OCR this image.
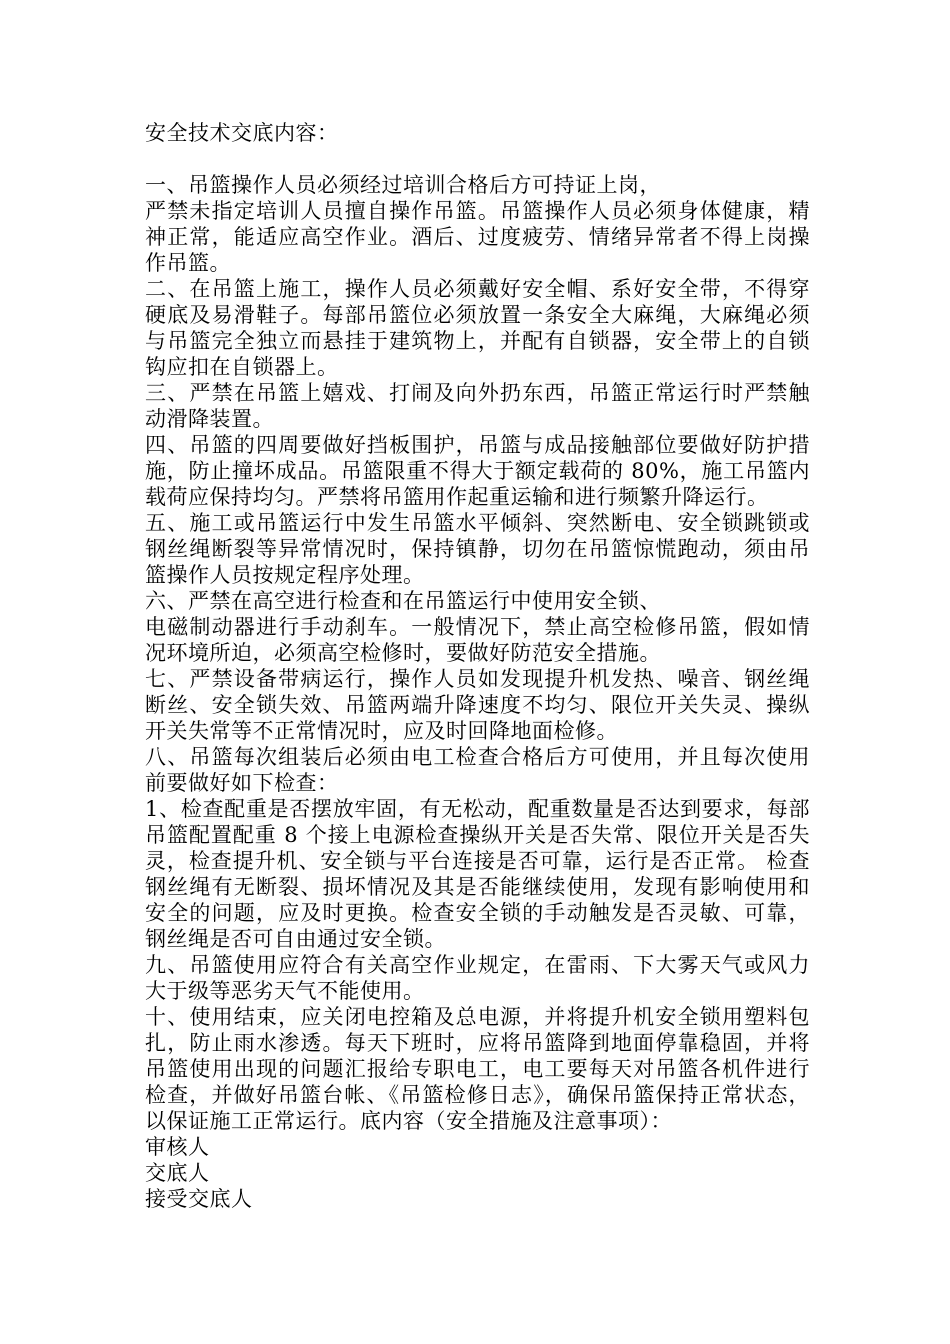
安全技术交底内容：

一、吊篮操作人员必须经过培训合格后方可持证上岗，

严禁未指定培训人员擅自操作吊篮。吊篮操作人员必须身体健康，精神正常，能适应高空作业。酒后、过度疲劳、情绪异常者不得上岗操作吊篮。

二、在吊篮上施工，操作人员必须戴好安全帽、系好安全带，不得穿硬底及易滑鞋子。每部吊篮位必须放置一条安全大麻绳，大麻绳必须与吊篮完全独立而悬挂于建筑物上，并配有自锁器，安全带上的自锁钩应扣在自锁器上。

三、严禁在吊篮上嬉戏、打闹及向外扔东西，吊篮正常运行时严禁触动滑降装置。

四、吊篮的四周要做好挡板围护，吊篮与成品接触部位要做好防护措施，防止撞坏成品。吊篮限重不得大于额定载荷的 80%，施工吊篮内载荷应保持均匀。严禁将吊篮用作起重运输和进行频繁升降运行。

五、施工或吊篮运行中发生吊篮水平倾斜、突然断电、安全锁跳锁或钢丝绳断裂等异常情况时，保持镇静，切勿在吊篮惊慌跑动，须由吊篮操作人员按规定程序处理。

六、严禁在高空进行检查和在吊篮运行中使用安全锁、

电磁制动器进行手动刹车。一般情况下，禁止高空检修吊篮，假如情况环境所迫，必须高空检修时，要做好防范安全措施。

七、严禁设备带病运行，操作人员如发现提升机发热、噪音、钢丝绳断丝、安全锁失效、吊篮两端升降速度不均匀、限位开关失灵、操纵开关失常等不正常情况时，应及时回降地面检修。

八、吊篮每次组装后必须由电工检查合格后方可使用，并且每次使用前要做好如下检查：

1、检查配重是否摆放牢固，有无松动，配重数量是否达到要求，每部吊篮配置配重 8 个接上电源检查操纵开关是否失常、限位开关是否失灵，检查提升机、安全锁与平台连接是否可靠，运行是否正常。 检查钢丝绳有无断裂、损坏情况及其是否能继续使用，发现有影响使用和安全的问题，应及时更换。检查安全锁的手动触发是否灵敏、可靠，钢丝绳是否可自由通过安全锁。

九、吊篮使用应符合有关高空作业规定，在雷雨、下大雾天气或风力大于级等恶劣天气不能使用。

十、使用结束，应关闭电控箱及总电源，并将提升机安全锁用塑料包扎，防止雨水渗透。每天下班时，应将吊篮降到地面停靠稳固，并将吊篮使用出现的问题汇报给专职电工，电工要每天对吊篮各机件进行检查，并做好吊篮台帐、《吊篮检修日志》，确保吊篮保持正常状态，以保证施工正常运行。底内容（安全措施及注意事项）：

审核人

交底人

接受交底人
